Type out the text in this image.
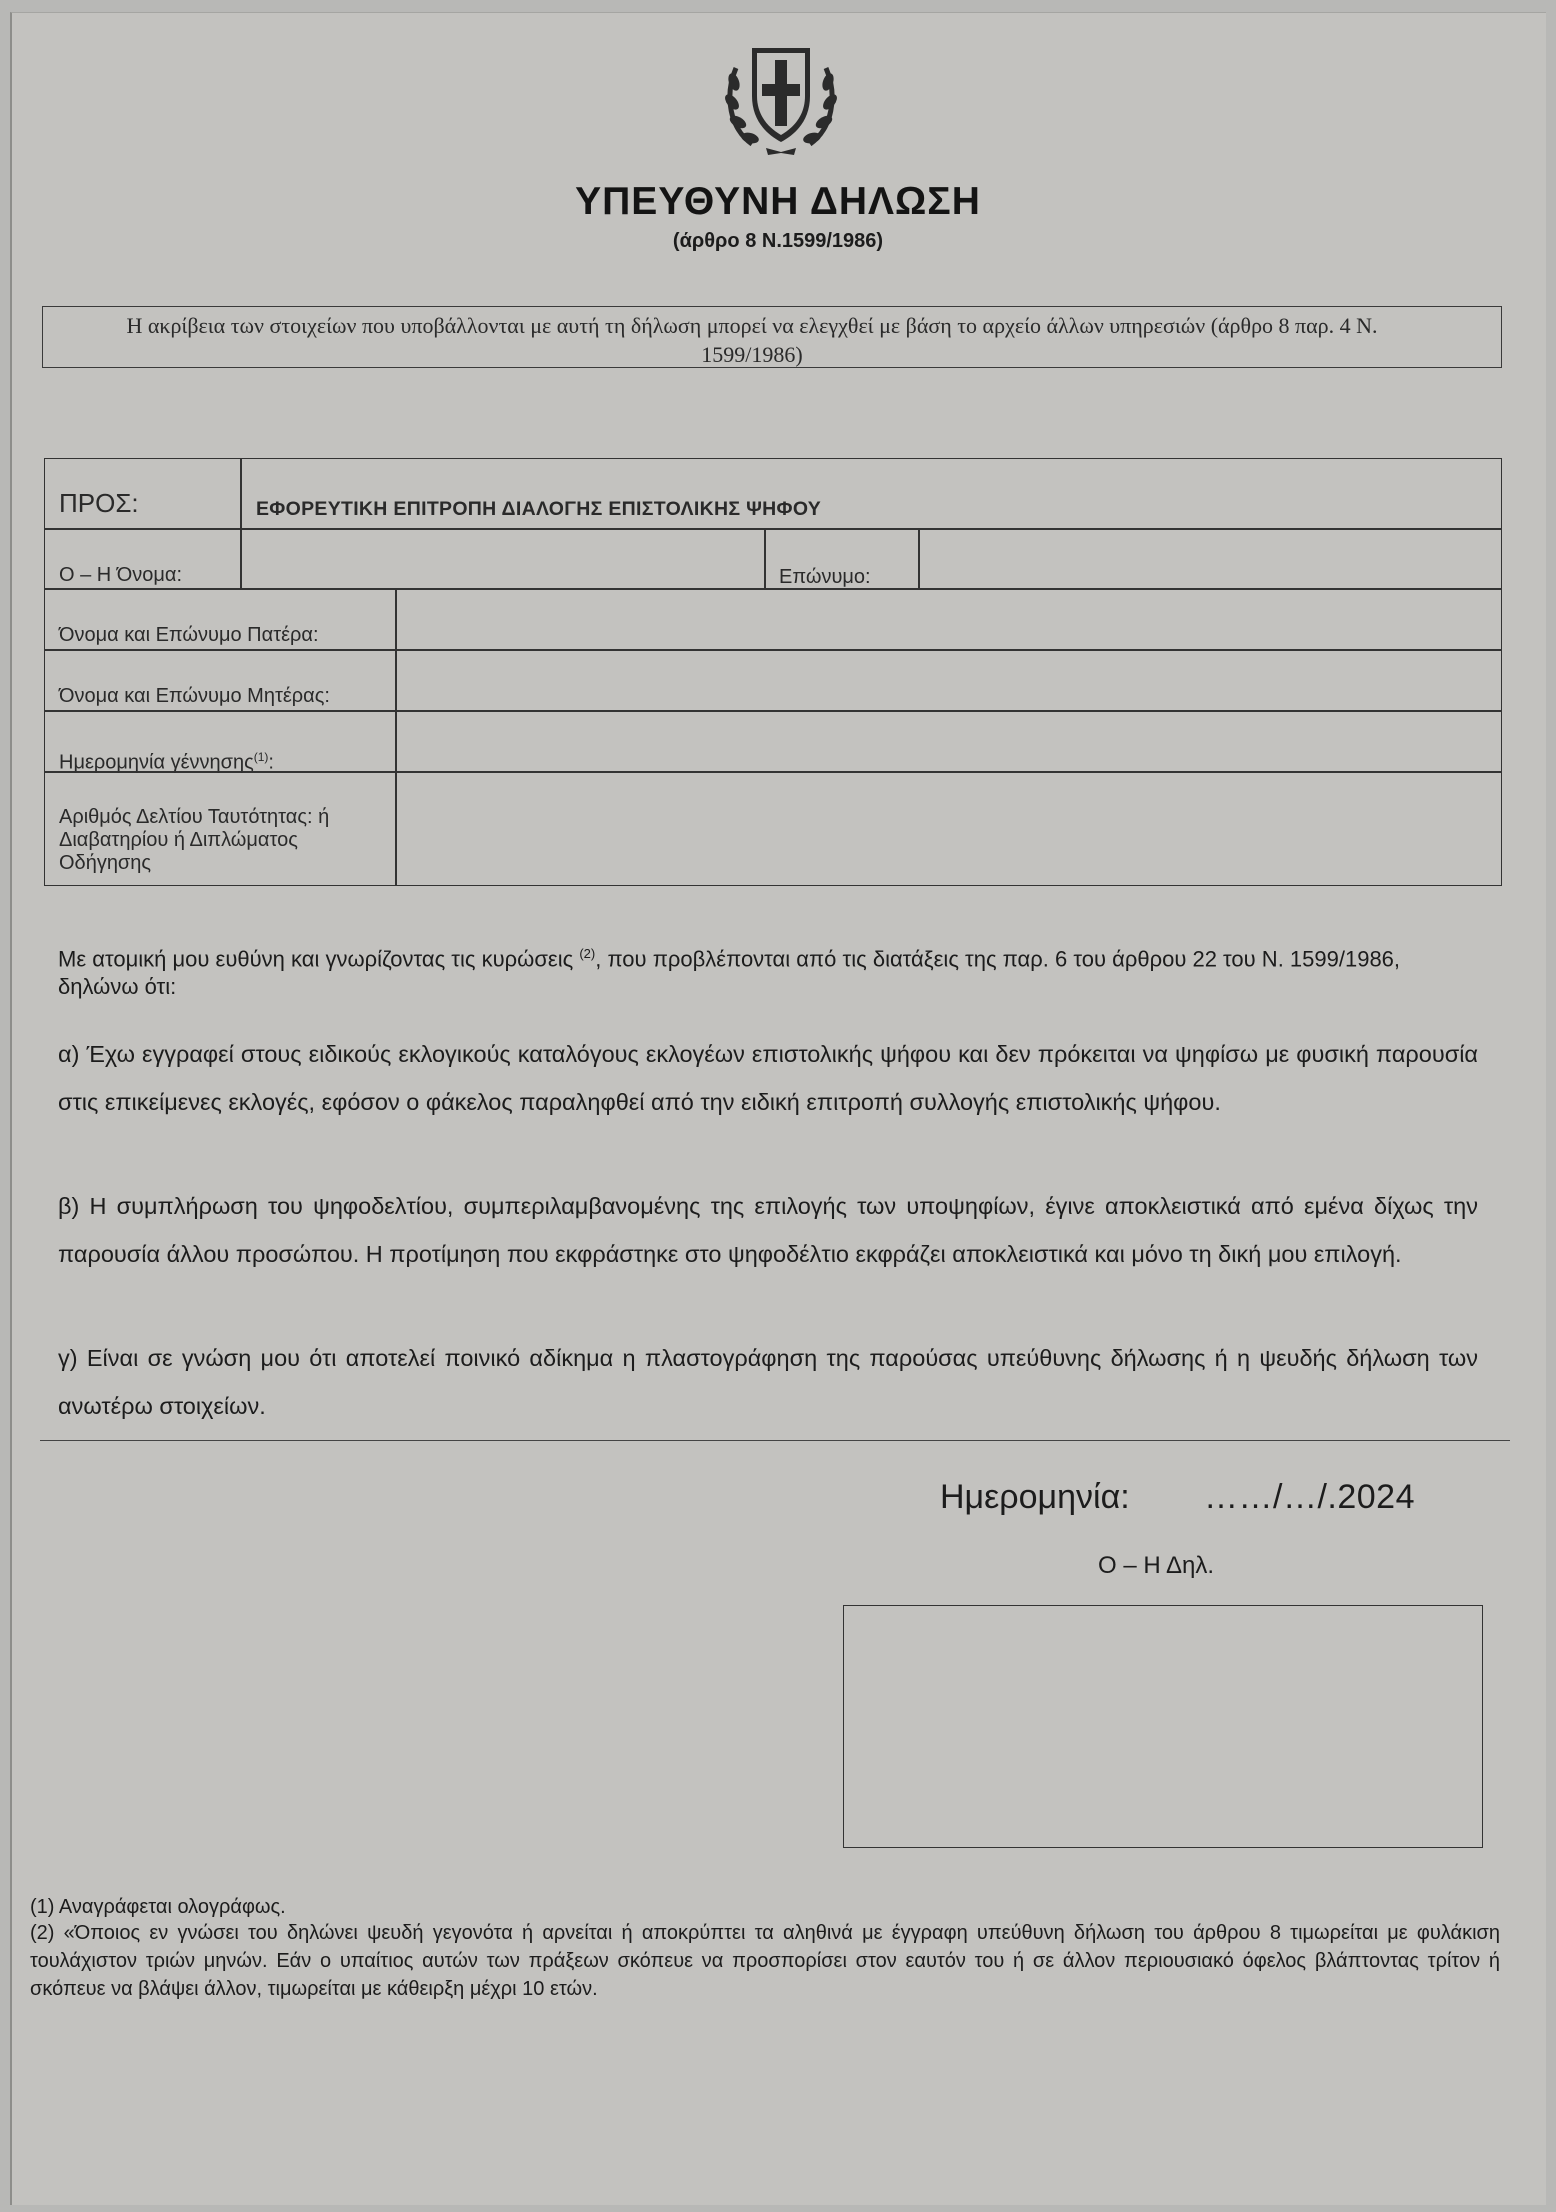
ΥΠΕΥΘΥΝΗ ΔΗΛΩΣΗ
(άρθρο 8 Ν.1599/1986)
Η ακρίβεια των στοιχείων που υποβάλλονται με αυτή τη δήλωση μπορεί να ελεγχθεί με βάση το αρχείο άλλων υπηρεσιών (άρθρο 8 παρ. 4 Ν. 1599/1986)
ΠΡΟΣ:	ΕΦΟΡΕΥΤΙΚΗ ΕΠΙΤΡΟΠΗ ΔΙΑΛΟΓΗΣ ΕΠΙΣΤΟΛΙΚΗΣ ΨΗΦΟΥ
Ο – Η Όνομα:	Επώνυμο:
Όνομα και Επώνυμο Πατέρα:
Όνομα και Επώνυμο Μητέρας:
Ημερομηνία γέννησης$^{(1)}$:
Αριθμός Δελτίου Ταυτότητας: ή Διαβατηρίου ή Διπλώματος Οδήγησης
Με ατομική μου ευθύνη και γνωρίζοντας τις κυρώσεις $^{(2)}$, που προβλέπονται από τις διατάξεις της παρ. 6 του άρθρου 22 του Ν. 1599/1986, δηλώνω ότι:
α) Έχω εγγραφεί στους ειδικούς εκλογικούς καταλόγους εκλογέων επιστολικής ψήφου και δεν πρόκειται να ψηφίσω με φυσική παρουσία στις επικείμενες εκλογές, εφόσον ο φάκελος παραληφθεί από την ειδική επιτροπή συλλογής επιστολικής ψήφου.
β) Η συμπλήρωση του ψηφοδελτίου, συμπεριλαμβανομένης της επιλογής των υποψηφίων, έγινε αποκλειστικά από εμένα δίχως την παρουσία άλλου προσώπου. Η προτίμηση που εκφράστηκε στο ψηφοδέλτιο εκφράζει αποκλειστικά και μόνο τη δική μου επιλογή.
γ) Είναι σε γνώση μου ότι αποτελεί ποινικό αδίκημα η πλαστογράφηση της παρούσας υπεύθυνης δήλωσης ή η ψευδής δήλωση των ανωτέρω στοιχείων.
Ημερομηνία: ……/…/.2024
Ο – Η Δηλ.
(1) Αναγράφεται ολογράφως.
(2) «Όποιος εν γνώσει του δηλώνει ψευδή γεγονότα ή αρνείται ή αποκρύπτει τα αληθινά με έγγραφη υπεύθυνη δήλωση του άρθρου 8 τιμωρείται με φυλάκιση τουλάχιστον τριών μηνών. Εάν ο υπαίτιος αυτών των πράξεων σκόπευε να προσπορίσει στον εαυτόν του ή σε άλλον περιουσιακό όφελος βλάπτοντας τρίτον ή σκόπευε να βλάψει άλλον, τιμωρείται με κάθειρξη μέχρι 10 ετών.
